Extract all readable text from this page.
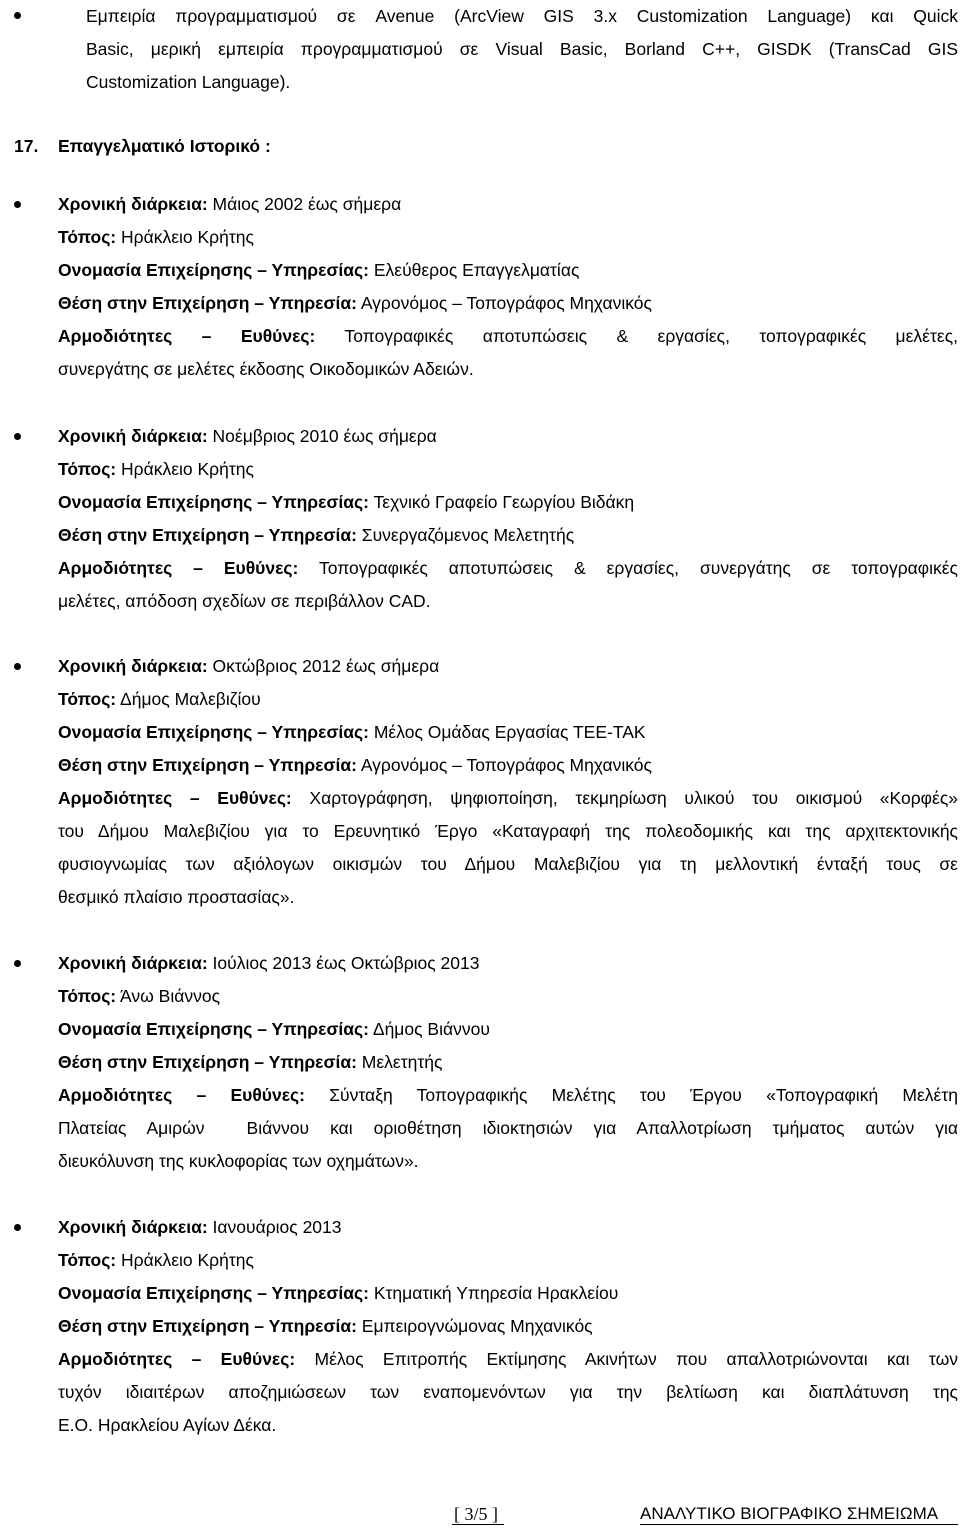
Εμπειρία προγραμματισμού σε Avenue (ArcView GIS 3.x Customization Language) και Quick
Basic, μερική εμπειρία προγραμματισμού σε Visual Basic, Borland C++, GISDK (TransCad GIS
Customization Language).
17. Επαγγελματικό Ιστορικό :
Χρονική διάρκεια: Μάιος 2002 έως σήμερα
Τόπος: Ηράκλειο Κρήτης
Ονομασία Επιχείρησης – Υπηρεσίας: Ελεύθερος Επαγγελματίας
Θέση στην Επιχείρηση – Υπηρεσία: Αγρονόμος – Τοπογράφος Μηχανικός
Αρμοδιότητες – Ευθύνες: Τοπογραφικές αποτυπώσεις & εργασίες, τοπογραφικές μελέτες,
συνεργάτης σε μελέτες έκδοσης Οικοδομικών Αδειών.
Χρονική διάρκεια: Νοέμβριος 2010 έως σήμερα
Τόπος: Ηράκλειο Κρήτης
Ονομασία Επιχείρησης – Υπηρεσίας: Τεχνικό Γραφείο Γεωργίου Βιδάκη
Θέση στην Επιχείρηση – Υπηρεσία: Συνεργαζόμενος Μελετητής
Αρμοδιότητες – Ευθύνες: Τοπογραφικές αποτυπώσεις & εργασίες, συνεργάτης σε τοπογραφικές
μελέτες, απόδοση σχεδίων σε περιβάλλον CAD.
Χρονική διάρκεια: Οκτώβριος 2012 έως σήμερα
Τόπος: Δήμος Μαλεβιζίου
Ονομασία Επιχείρησης – Υπηρεσίας: Μέλος Ομάδας Εργασίας ΤΕΕ-ΤΑΚ
Θέση στην Επιχείρηση – Υπηρεσία: Αγρονόμος – Τοπογράφος Μηχανικός
Αρμοδιότητες – Ευθύνες: Χαρτογράφηση, ψηφιοποίηση, τεκμηρίωση υλικού του οικισμού «Κορφές»
του Δήμου Μαλεβιζίου για το Ερευνητικό Έργο «Καταγραφή της πολεοδομικής και της αρχιτεκτονικής
φυσιογνωμίας των αξιόλογων οικισμών του Δήμου Μαλεβιζίου για τη μελλοντική ένταξή τους σε
θεσμικό πλαίσιο προστασίας».
Χρονική διάρκεια: Ιούλιος 2013 έως Οκτώβριος 2013
Τόπος: Άνω Βιάννος
Ονομασία Επιχείρησης – Υπηρεσίας: Δήμος Βιάννου
Θέση στην Επιχείρηση – Υπηρεσία: Μελετητής
Αρμοδιότητες – Ευθύνες: Σύνταξη Τοπογραφικής Μελέτης του Έργου «Τοπογραφική Μελέτη
Πλατείας Αμιρών  Βιάννου και οριοθέτηση ιδιοκτησιών για Απαλλοτρίωση τμήματος αυτών για
διευκόλυνση της κυκλοφορίας των οχημάτων».
Χρονική διάρκεια: Ιανουάριος 2013
Τόπος: Ηράκλειο Κρήτης
Ονομασία Επιχείρησης – Υπηρεσίας: Κτηματική Υπηρεσία Ηρακλείου
Θέση στην Επιχείρηση – Υπηρεσία: Εμπειρογνώμονας Μηχανικός
Αρμοδιότητες – Ευθύνες: Μέλος Επιτροπής Εκτίμησης Ακινήτων που απαλλοτριώνονται και των
τυχόν ιδιαιτέρων αποζημιώσεων των εναπομενόντων για την βελτίωση και διαπλάτυνση της
Ε.Ο. Ηρακλείου Αγίων Δέκα.
[ 3/5 ]	ΑΝΑΛΥΤΙΚΟ ΒΙΟΓΡΑΦΙΚΟ ΣΗΜΕΙΩΜΑ
